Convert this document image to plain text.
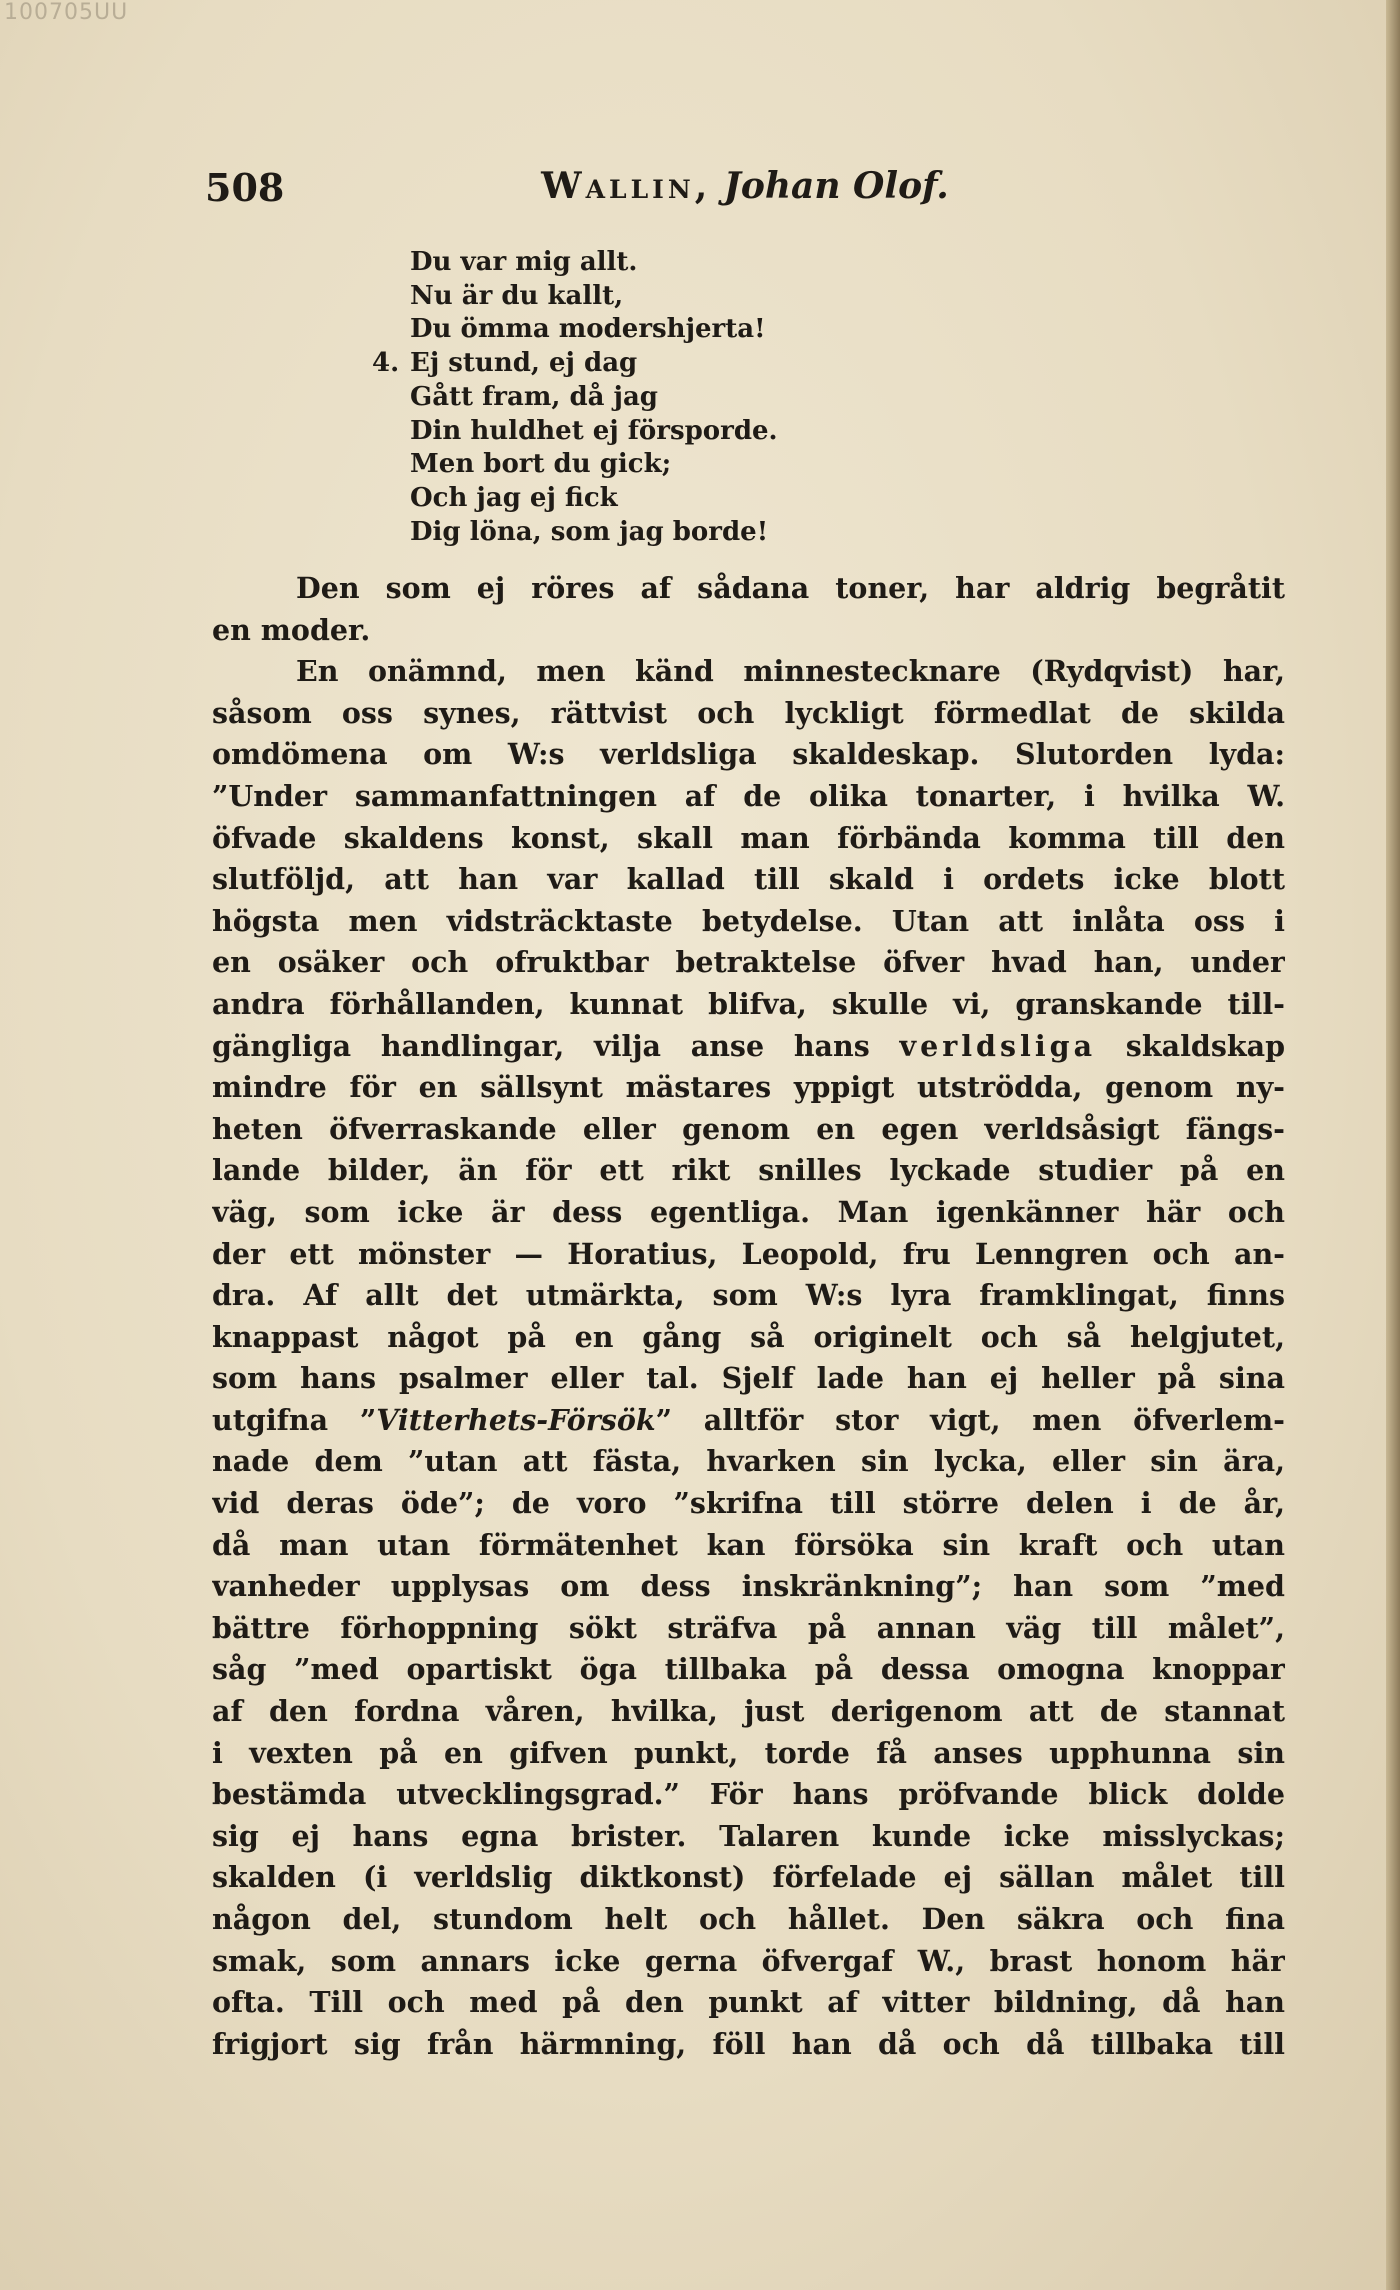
100705UU
508	Wallin, Johan Olof.
Du var mig allt.
Nu är du kallt,
Du ömma modershjerta!
4. Ej stund, ej dag
Gått fram, då jag
Din huldhet ej försporde.
Men bort du gick;
Och jag ej fick
Dig löna, som jag borde!
Den som ej röres af sådana toner, har aldrig begråtit
en moder.
En onämnd, men känd minnestecknare (Rydqvist) har,
såsom oss synes, rättvist och lyckligt förmedlat de skilda
omdömena om W:s verldsliga skaldeskap. Slutorden lyda:
”Under sammanfattningen af de olika tonarter, i hvilka W.
öfvade skaldens konst, skall man förbända komma till den
slutföljd, att han var kallad till skald i ordets icke blott
högsta men vidsträcktaste betydelse. Utan att inlåta oss i
en osäker och ofruktbar betraktelse öfver hvad han, under
andra förhållanden, kunnat blifva, skulle vi, granskande till-
gängliga handlingar, vilja anse hans verldsliga skaldskap
mindre för en sällsynt mästares yppigt utströdda, genom ny-
heten öfverraskande eller genom en egen verldsåsigt fängs-
lande bilder, än för ett rikt snilles lyckade studier på en
väg, som icke är dess egentliga. Man igenkänner här och
der ett mönster — Horatius, Leopold, fru Lenngren och an-
dra. Af allt det utmärkta, som W:s lyra framklingat, finns
knappast något på en gång så originelt och så helgjutet,
som hans psalmer eller tal. Sjelf lade han ej heller på sina
utgifna ”Vitterhets-Försök” alltför stor vigt, men öfverlem-
nade dem ”utan att fästa, hvarken sin lycka, eller sin ära,
vid deras öde”; de voro ”skrifna till större delen i de år,
då man utan förmätenhet kan försöka sin kraft och utan
vanheder upplysas om dess inskränkning”; han som ”med
bättre förhoppning sökt sträfva på annan väg till målet”,
såg ”med opartiskt öga tillbaka på dessa omogna knoppar
af den fordna våren, hvilka, just derigenom att de stannat
i vexten på en gifven punkt, torde få anses upphunna sin
bestämda utvecklingsgrad.” För hans pröfvande blick dolde
sig ej hans egna brister. Talaren kunde icke misslyckas;
skalden (i verldslig diktkonst) förfelade ej sällan målet till
någon del, stundom helt och hållet. Den säkra och fina
smak, som annars icke gerna öfvergaf W., brast honom här
ofta. Till och med på den punkt af vitter bildning, då han
frigjort sig från härmning, föll han då och då tillbaka till
